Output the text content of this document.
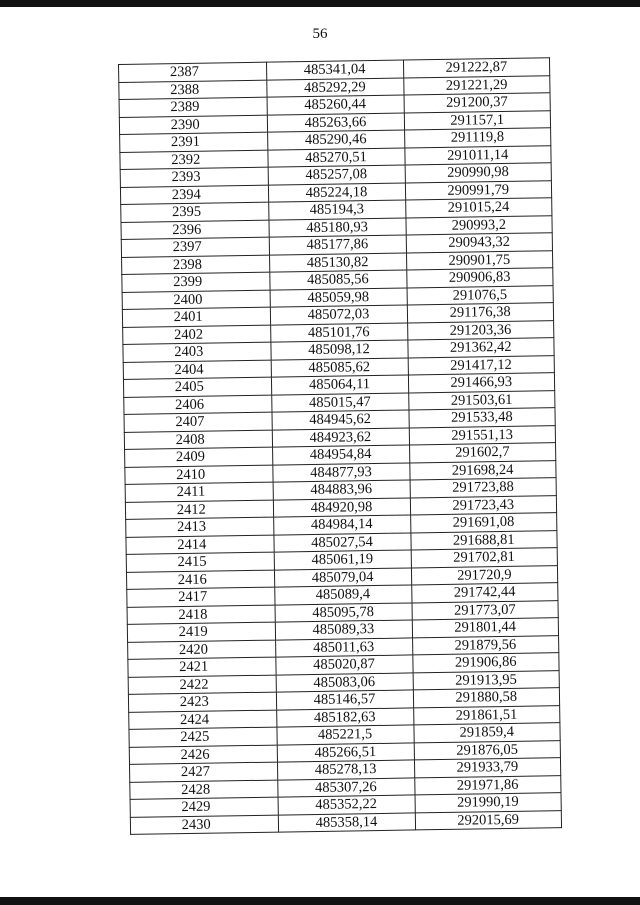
56
2387	485341,04	291222,87
2388	485292,29	291221,29
2389	485260,44	291200,37
2390	485263,66	291157,1
2391	485290,46	291119,8
2392	485270,51	291011,14
2393	485257,08	290990,98
2394	485224,18	290991,79
2395	485194,3	291015,24
2396	485180,93	290993,2
2397	485177,86	290943,32
2398	485130,82	290901,75
2399	485085,56	290906,83
2400	485059,98	291076,5
2401	485072,03	291176,38
2402	485101,76	291203,36
2403	485098,12	291362,42
2404	485085,62	291417,12
2405	485064,11	291466,93
2406	485015,47	291503,61
2407	484945,62	291533,48
2408	484923,62	291551,13
2409	484954,84	291602,7
2410	484877,93	291698,24
2411	484883,96	291723,88
2412	484920,98	291723,43
2413	484984,14	291691,08
2414	485027,54	291688,81
2415	485061,19	291702,81
2416	485079,04	291720,9
2417	485089,4	291742,44
2418	485095,78	291773,07
2419	485089,33	291801,44
2420	485011,63	291879,56
2421	485020,87	291906,86
2422	485083,06	291913,95
2423	485146,57	291880,58
2424	485182,63	291861,51
2425	485221,5	291859,4
2426	485266,51	291876,05
2427	485278,13	291933,79
2428	485307,26	291971,86
2429	485352,22	291990,19
2430	485358,14	292015,69
